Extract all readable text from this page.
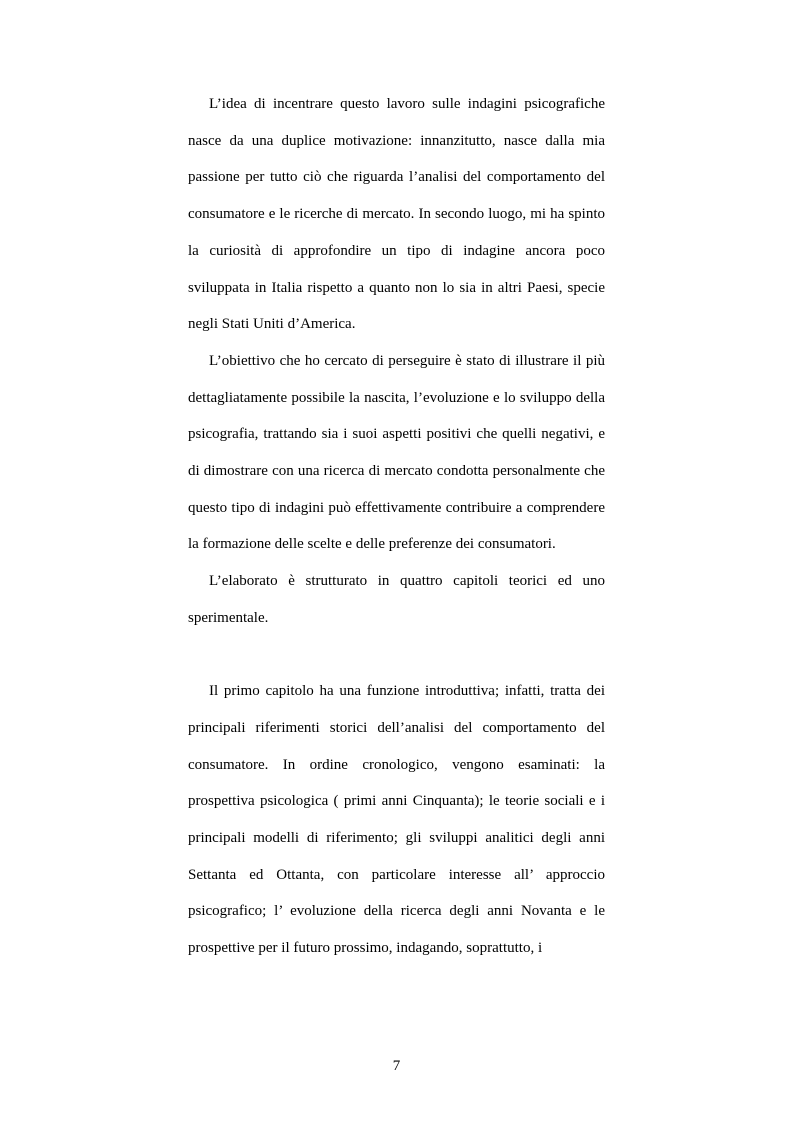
L’idea di incentrare questo lavoro sulle indagini psicografiche nasce da una duplice motivazione: innanzitutto, nasce dalla mia passione per tutto ciò che riguarda l’analisi del comportamento del consumatore e le ricerche di mercato. In secondo luogo, mi ha spinto la curiosità di approfondire un tipo di indagine ancora poco sviluppata in Italia rispetto a quanto non lo sia in altri Paesi, specie negli Stati Uniti d’America.

L’obiettivo che ho cercato di perseguire è stato di illustrare il più dettagliatamente possibile la nascita, l’evoluzione e lo sviluppo della psicografia, trattando sia i suoi aspetti positivi che quelli negativi, e di dimostrare con una ricerca di mercato condotta personalmente che questo tipo di indagini può effettivamente contribuire a comprendere la formazione delle scelte e delle preferenze dei consumatori.

L’elaborato è strutturato in quattro capitoli teorici ed uno sperimentale.

Il primo capitolo ha una funzione introduttiva; infatti, tratta dei principali riferimenti storici dell’analisi del comportamento del consumatore. In ordine cronologico, vengono esaminati: la prospettiva psicologica ( primi anni Cinquanta); le teorie sociali e i principali modelli di riferimento; gli sviluppi analitici degli anni Settanta ed Ottanta, con particolare interesse all’ approccio psicografico; l’ evoluzione della ricerca degli anni Novanta e le prospettive per il futuro prossimo, indagando, soprattutto, i

7
